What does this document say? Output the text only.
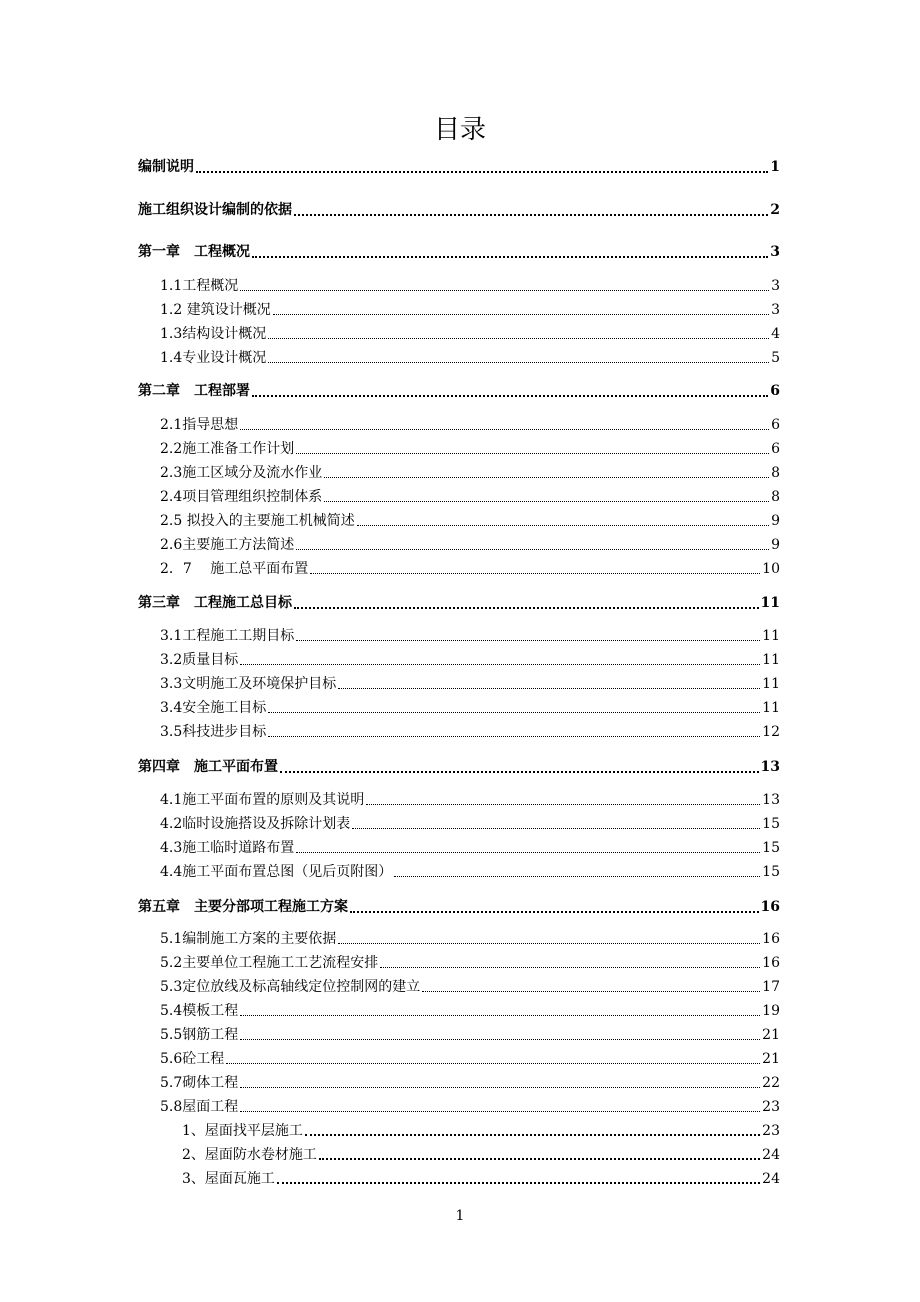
目录
编制说明	1
施工组织设计编制的依据	2
第一章　工程概况	3
1.1工程概况	3
1.2 建筑设计概况	3
1.3结构设计概况	4
1.4专业设计概况	5
第二章　工程部署	6
2.1指导思想	6
2.2施工准备工作计划	6
2.3施工区域分及流水作业	8
2.4项目管理组织控制体系	8
2.5 拟投入的主要施工机械简述	9
2.6主要施工方法简述	9
2．7　 施工总平面布置	10
第三章　工程施工总目标	11
3.1工程施工工期目标	11
3.2质量目标	11
3.3文明施工及环境保护目标	11
3.4安全施工目标	11
3.5科技进步目标	12
第四章　施工平面布置	13
4.1施工平面布置的原则及其说明	13
4.2临时设施搭设及拆除计划表	15
4.3施工临时道路布置	15
4.4施工平面布置总图（见后页附图）	15
第五章　主要分部项工程施工方案	16
5.1编制施工方案的主要依据	16
5.2主要单位工程施工工艺流程安排	16
5.3定位放线及标高轴线定位控制网的建立	17
5.4模板工程	19
5.5钢筋工程	21
5.6砼工程	21
5.7砌体工程	22
5.8屋面工程	23
1、屋面找平层施工	23
2、屋面防水卷材施工	24
3、屋面瓦施工	24
1
